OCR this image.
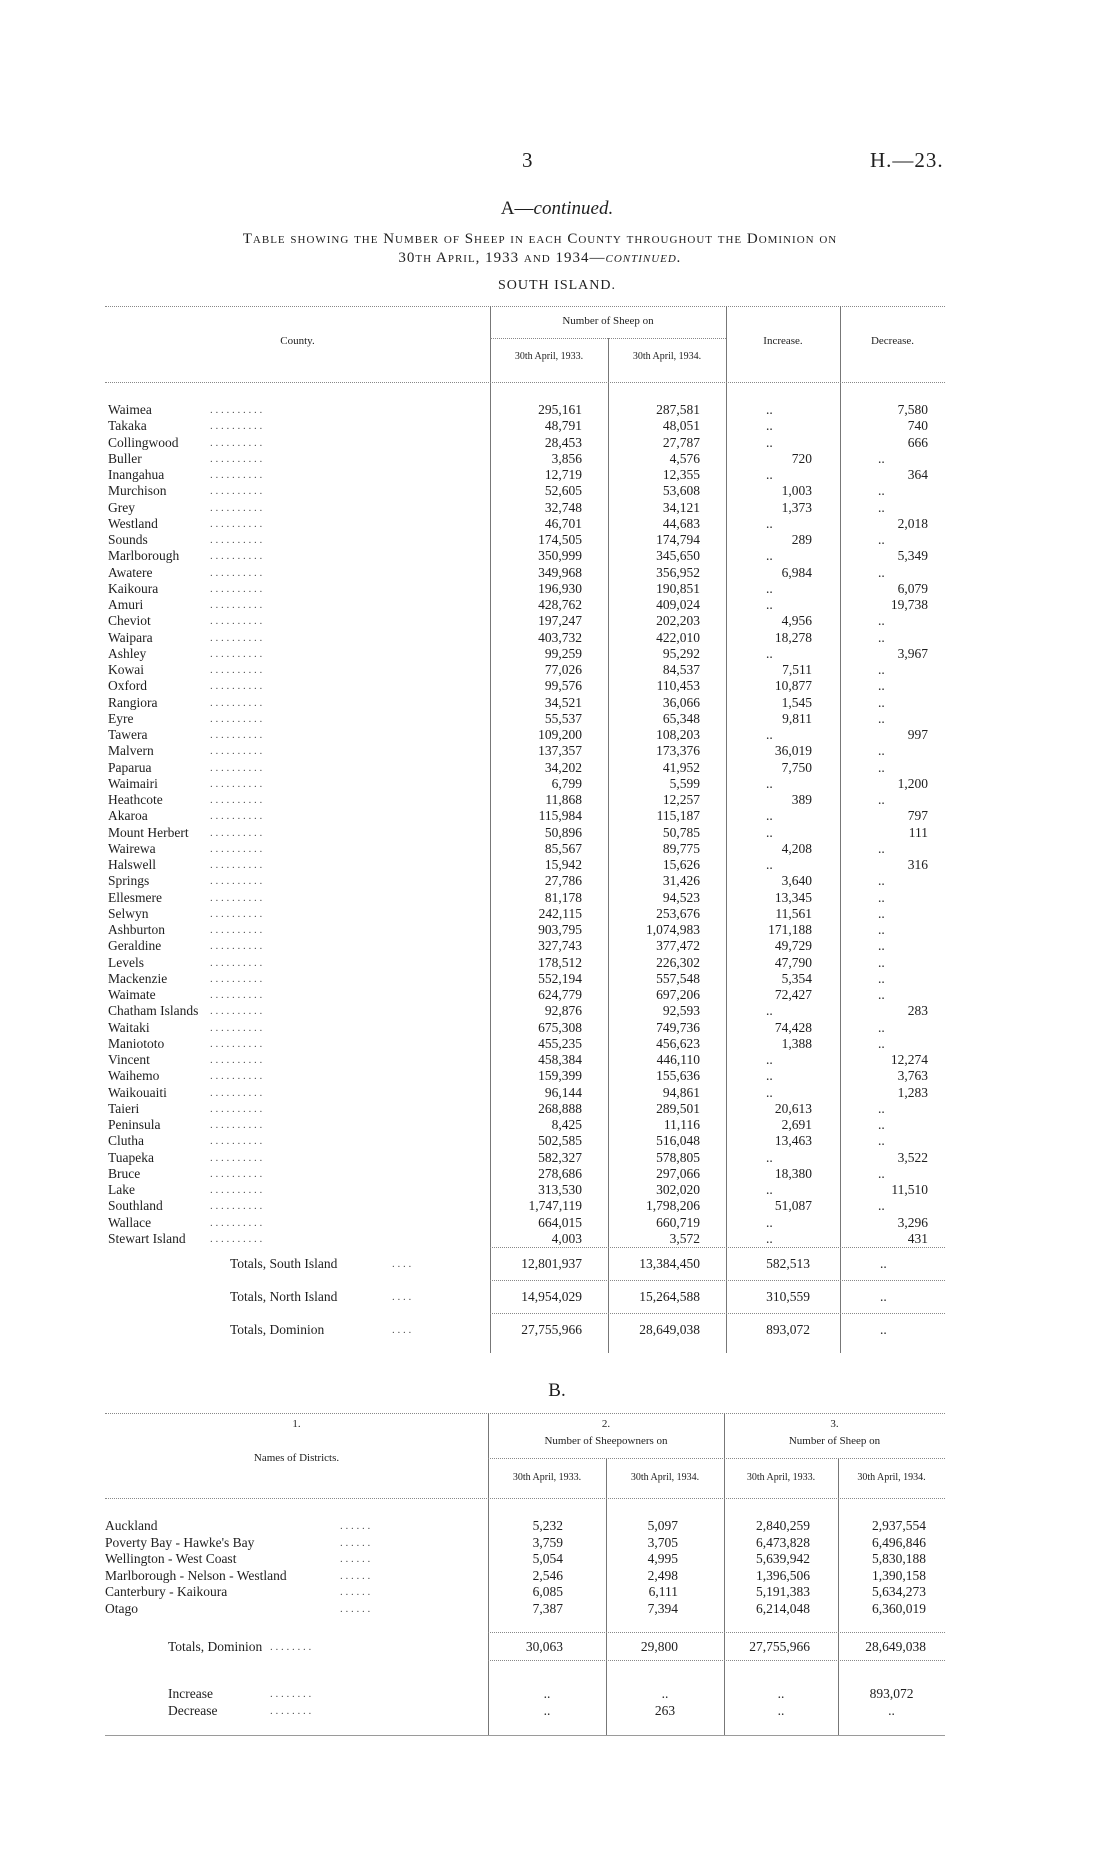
3	H.—23.
A—continued.
Table showing the Number of Sheep in each County throughout the Dominion on
30th April, 1933 and 1934—continued.
SOUTH ISLAND.
County.
Number of Sheep on
30th April, 1933.	30th April, 1934.
Increase.	Decrease.
Waimea	. . . . . . . . . .	295,161	287,581	..	7,580
Takaka	. . . . . . . . . .	48,791	48,051	..	740
Collingwood	. . . . . . . . . .	28,453	27,787	..	666
Buller	. . . . . . . . . .	3,856	4,576	720	..
Inangahua	. . . . . . . . . .	12,719	12,355	..	364
Murchison	. . . . . . . . . .	52,605	53,608	1,003	..
Grey	. . . . . . . . . .	32,748	34,121	1,373	..
Westland	. . . . . . . . . .	46,701	44,683	..	2,018
Sounds	. . . . . . . . . .	174,505	174,794	289	..
Marlborough	. . . . . . . . . .	350,999	345,650	..	5,349
Awatere	. . . . . . . . . .	349,968	356,952	6,984	..
Kaikoura	. . . . . . . . . .	196,930	190,851	..	6,079
Amuri	. . . . . . . . . .	428,762	409,024	..	19,738
Cheviot	. . . . . . . . . .	197,247	202,203	4,956	..
Waipara	. . . . . . . . . .	403,732	422,010	18,278	..
Ashley	. . . . . . . . . .	99,259	95,292	..	3,967
Kowai	. . . . . . . . . .	77,026	84,537	7,511	..
Oxford	. . . . . . . . . .	99,576	110,453	10,877	..
Rangiora	. . . . . . . . . .	34,521	36,066	1,545	..
Eyre	. . . . . . . . . .	55,537	65,348	9,811	..
Tawera	. . . . . . . . . .	109,200	108,203	..	997
Malvern	. . . . . . . . . .	137,357	173,376	36,019	..
Paparua	. . . . . . . . . .	34,202	41,952	7,750	..
Waimairi	. . . . . . . . . .	6,799	5,599	..	1,200
Heathcote	. . . . . . . . . .	11,868	12,257	389	..
Akaroa	. . . . . . . . . .	115,984	115,187	..	797
Mount Herbert . . . . . . . . . .	50,896	50,785	..	111
Wairewa	. . . . . . . . . .	85,567	89,775	4,208	..
Halswell	. . . . . . . . . .	15,942	15,626	..	316
Springs	. . . . . . . . . .	27,786	31,426	3,640	..
Ellesmere	. . . . . . . . . .	81,178	94,523	13,345	..
Selwyn	. . . . . . . . . .	242,115	253,676	11,561	..
Ashburton	. . . . . . . . . .	903,795	1,074,983	171,188	..
Geraldine	. . . . . . . . . .	327,743	377,472	49,729	..
Levels	. . . . . . . . . .	178,512	226,302	47,790	..
Mackenzie	. . . . . . . . . .	552,194	557,548	5,354	..
Waimate	. . . . . . . . . .	624,779	697,206	72,427	..
Chatham Islands . . . . . . . . . .	92,876	92,593	..	283
Waitaki	. . . . . . . . . .	675,308	749,736	74,428	..
Maniototo	. . . . . . . . . .	455,235	456,623	1,388	..
Vincent	. . . . . . . . . .	458,384	446,110	..	12,274
Waihemo	. . . . . . . . . .	159,399	155,636	..	3,763
Waikouaiti	. . . . . . . . . .	96,144	94,861	..	1,283
Taieri	. . . . . . . . . .	268,888	289,501	20,613	..
Peninsula	. . . . . . . . . .	8,425	11,116	2,691	..
Clutha	. . . . . . . . . .	502,585	516,048	13,463	..
Tuapeka	. . . . . . . . . .	582,327	578,805	..	3,522
Bruce	. . . . . . . . . .	278,686	297,066	18,380	..
Lake	. . . . . . . . . .	313,530	302,020	..	11,510
Southland	. . . . . . . . . .	1,747,119	1,798,206	51,087	..
Wallace	. . . . . . . . . .	664,015	660,719	..	3,296
Stewart Island . . . . . . . . . .	4,003	3,572	..	431
Totals, South Island	. . . .	12,801,937	13,384,450	582,513	..
Totals, North Island	. . . .	14,954,029	15,264,588	310,559	..
Totals, Dominion	. . . .	27,755,966	28,649,038	893,072	..
B.
1.
Names of Districts.
2.
Number of Sheepowners on
3.
Number of Sheep on
30th April, 1933.	30th April, 1934.	30th April, 1933.	30th April, 1934.
Auckland	5,232	5,097	2,840,259	2,937,554
Poverty Bay - Hawke's Bay	3,759	3,705	6,473,828	6,496,846
Wellington - West Coast	5,054	4,995	5,639,942	5,830,188
Marlborough - Nelson - Westland	2,546	2,498	1,396,506	1,390,158
Canterbury - Kaikoura	6,085	6,111	5,191,383	5,634,273
Otago	7,387	7,394	6,214,048	6,360,019
. . . . . .
. . . . . .
. . . . . .
. . . . . .
. . . . . .
. . . . . .
Totals, Dominion	30,063	29,800	27,755,966	28,649,038
Increase	..	..	..	893,072
Decrease	..	263	..	..
. . . . . . . .
. . . . . . . .
. . . . . . . .
